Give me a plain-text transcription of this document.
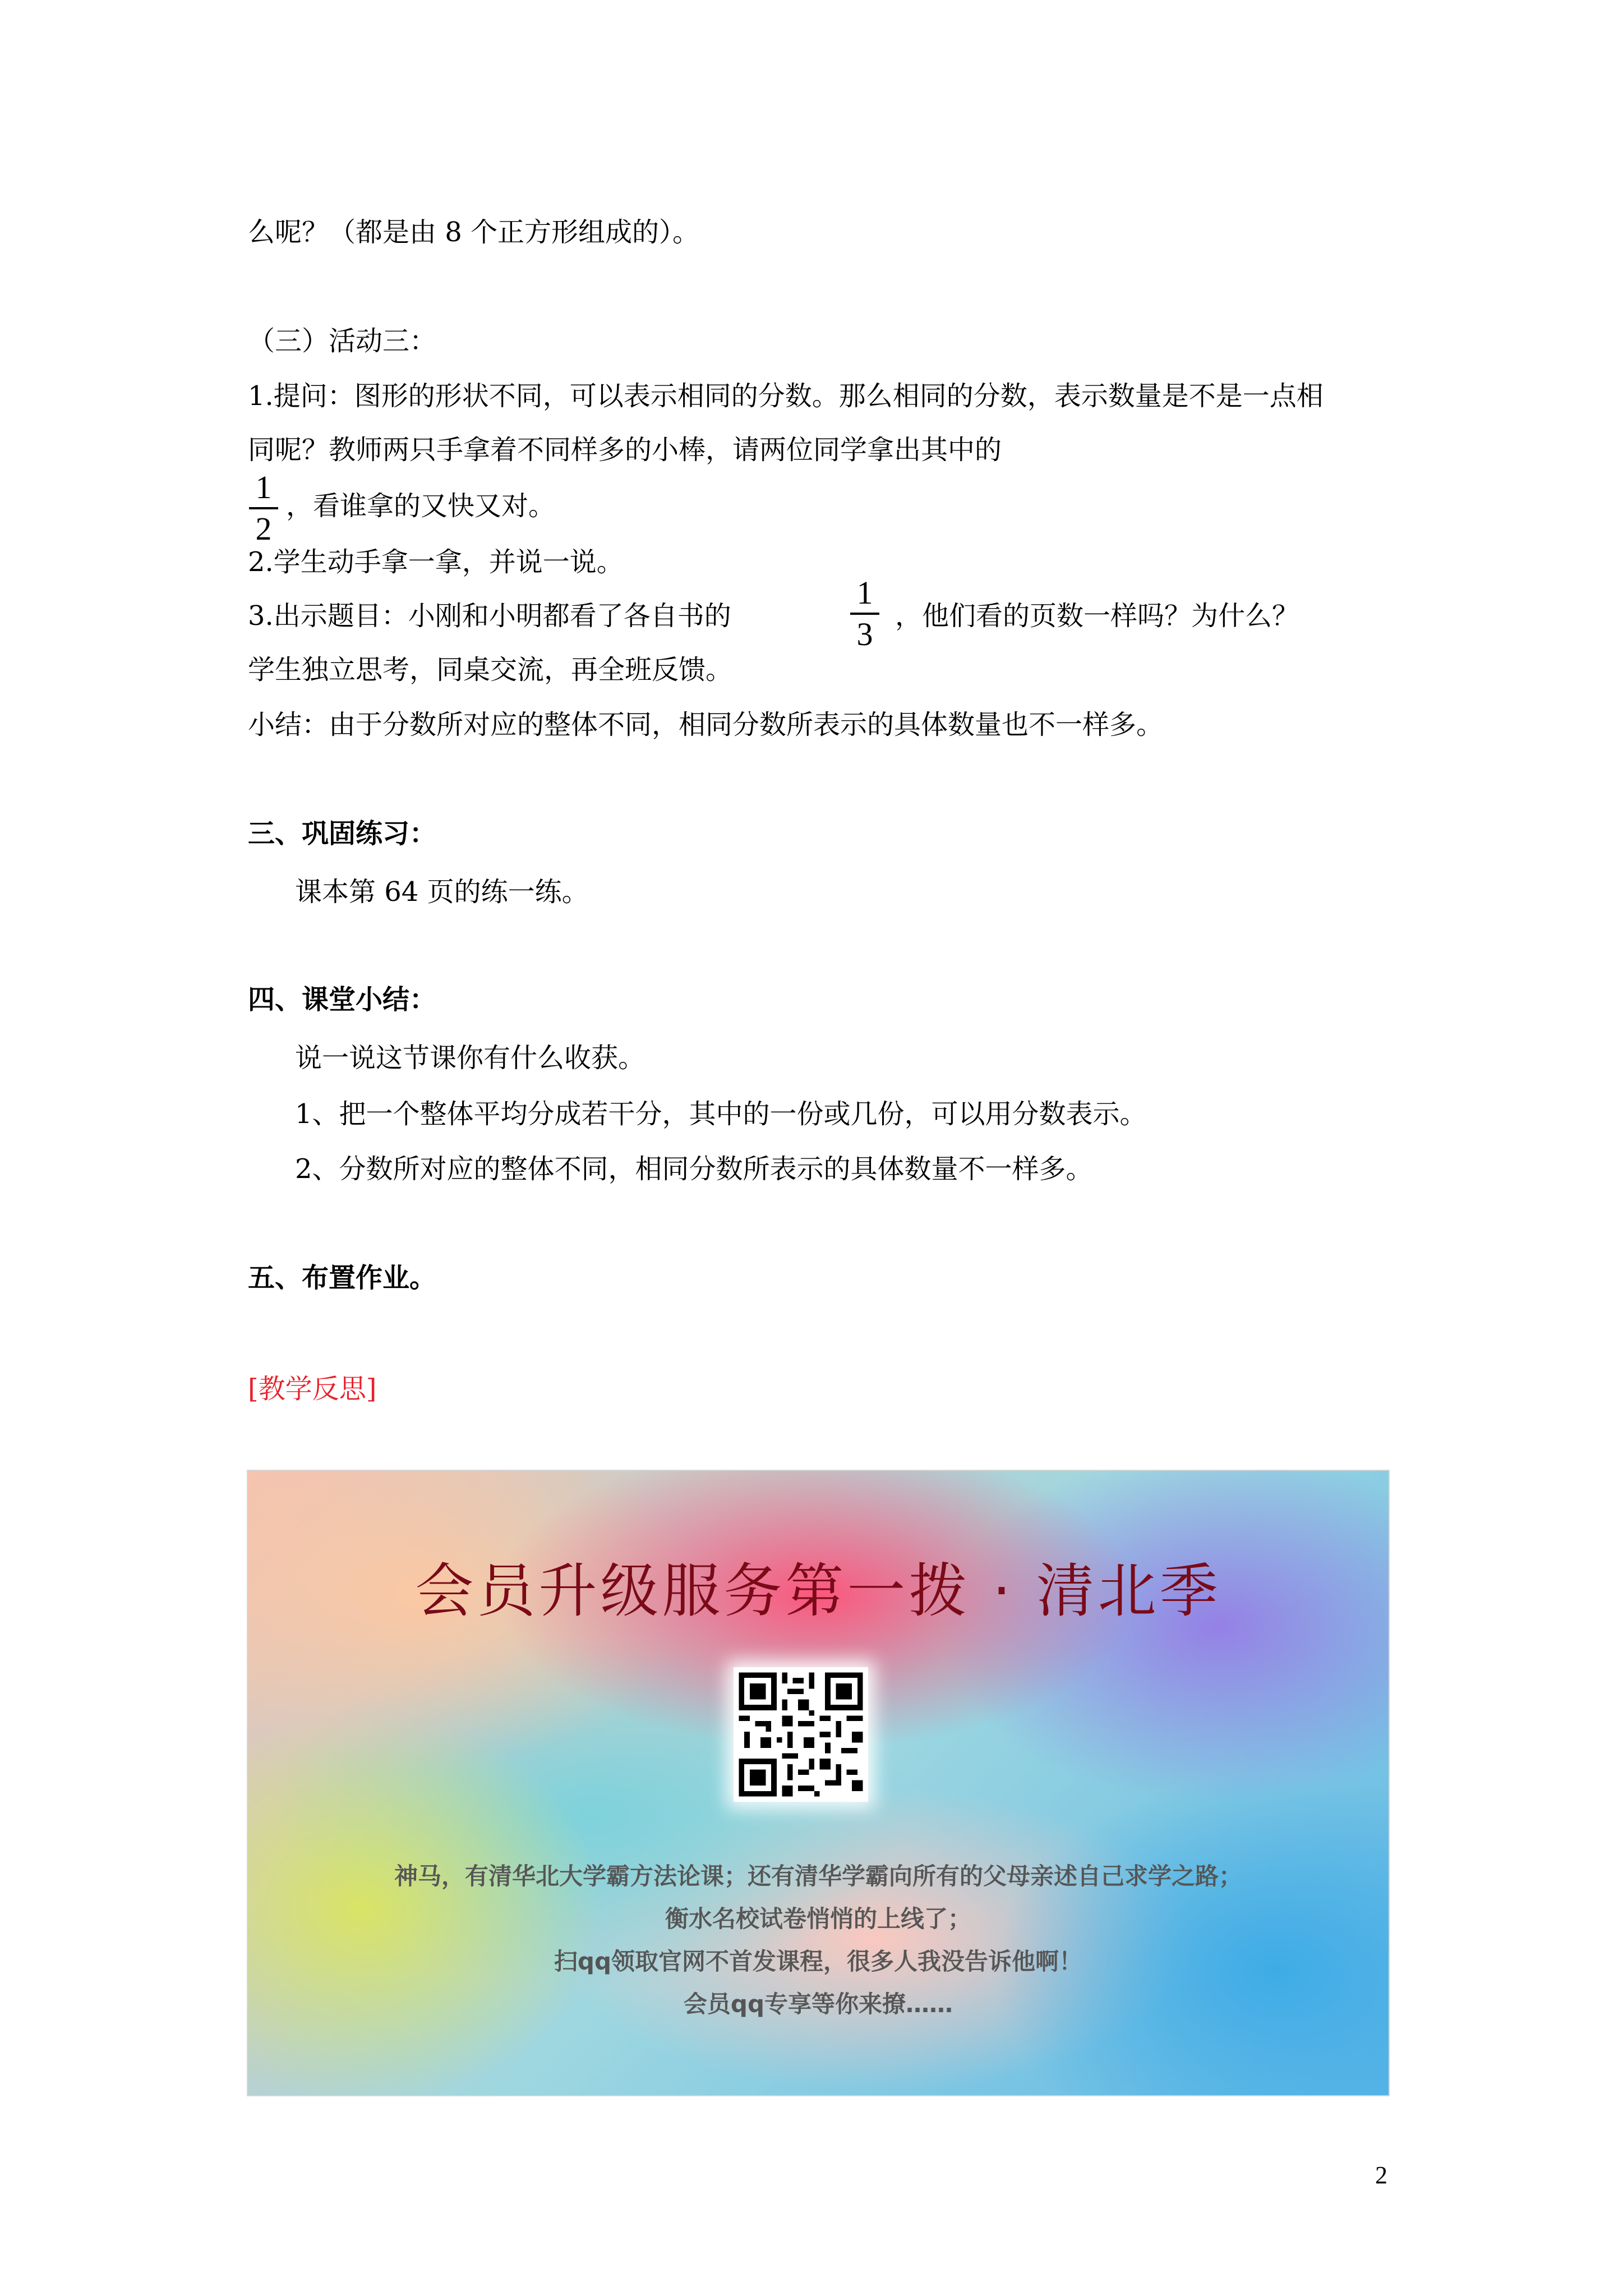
么呢？（都是由 8 个正方形组成的）。
（三）活动三：
1.提问：图形的形状不同，可以表示相同的分数。那么相同的分数，表示数量是不是一点相
同呢？教师两只手拿着不同样多的小棒，请两位同学拿出其中的
1
2
，看谁拿的又快又对。
2.学生动手拿一拿，并说一说。
3.出示题目：小刚和小明都看了各自书的
1
3 ，他们看的页数一样吗？为什么？
学生独立思考，同桌交流，再全班反馈。
小结：由于分数所对应的整体不同，相同分数所表示的具体数量也不一样多。
三、巩固练习：
课本第 64 页的练一练。
四、课堂小结：
说一说这节课你有什么收获。
1、把一个整体平均分成若干分，其中的一份或几份，可以用分数表示。
2、分数所对应的整体不同，相同分数所表示的具体数量不一样多。
五、布置作业。
[教学反思]
会员升级服务第一拨 · 清北季
神马，有清华北大学霸方法论课；还有清华学霸向所有的父母亲述自己求学之路；
衡水名校试卷悄悄的上线了；
扫qq领取官网不首发课程，很多人我没告诉他啊！
会员qq专享等你来撩……
2
